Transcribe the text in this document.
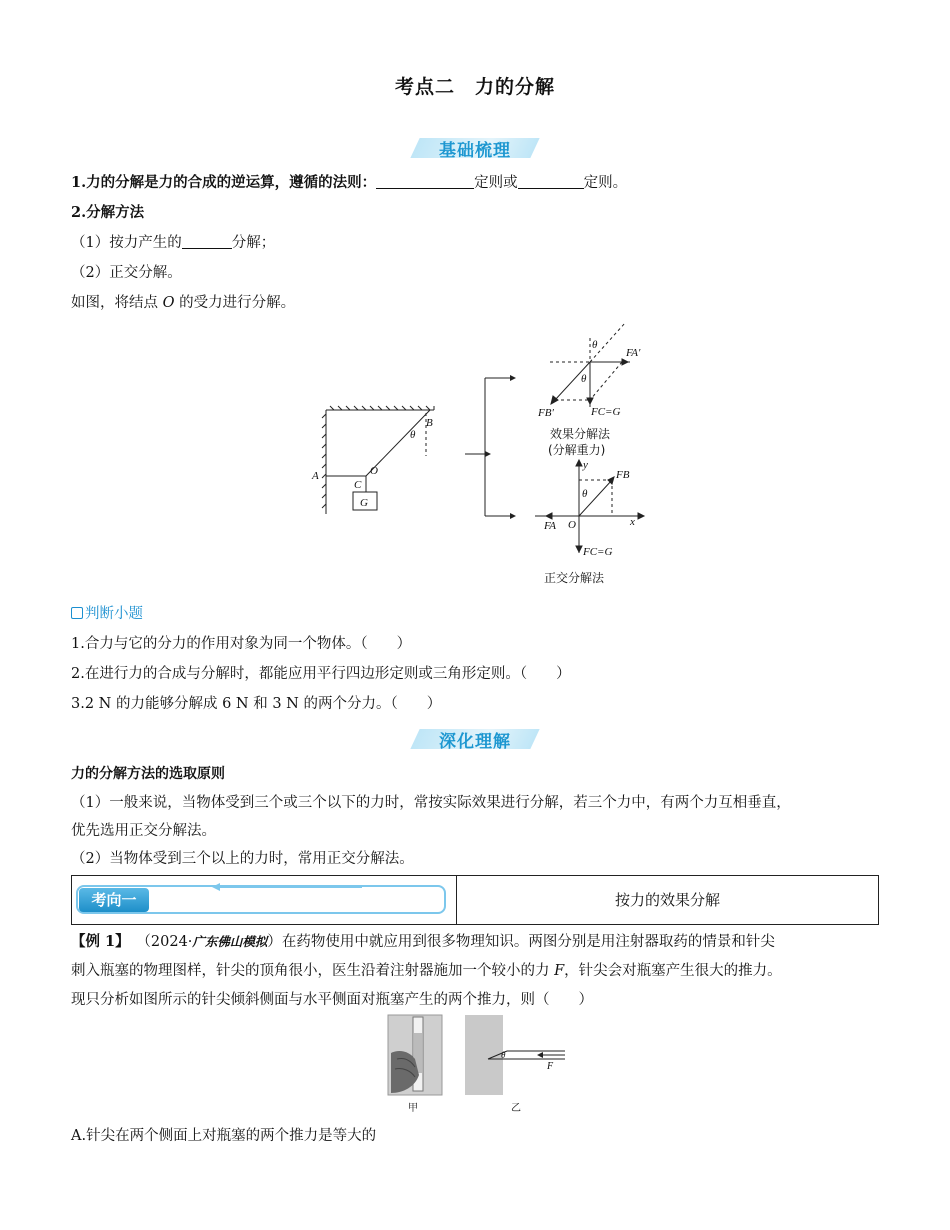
考点二　力的分解
基础梳理
1.力的分解是力的合成的逆运算，遵循的法则：	定则或	定则。
2.分解方法
（1）按力产生的	分解；
（2）正交分解。
如图，将结点 O 的受力进行分解。
A
B
C
O
G
θ
θ
θ
FA′
FB′	FC=G
效果分解法
(分解重力)
y
FB
θ
FA O	x
FC=G
正交分解法
判断小题
1.合力与它的分力的作用对象为同一个物体。（　　）
2.在进行力的合成与分解时，都能应用平行四边形定则或三角形定则。（　　）
3.2 N 的力能够分解成 6 N 和 3 N 的两个分力。（　　）
深化理解
力的分解方法的选取原则
（1）一般来说，当物体受到三个或三个以下的力时，常按实际效果进行分解，若三个力中，有两个力互相垂直，
优先选用正交分解法。
（2）当物体受到三个以上的力时，常用正交分解法。
考向一	按力的效果分解
【例 1】 （2024·广东佛山模拟）在药物使用中就应用到很多物理知识。两图分别是用注射器取药的情景和针尖
刺入瓶塞的物理图样，针尖的顶角很小，医生沿着注射器施加一个较小的力 F，针尖会对瓶塞产生很大的推力。
现只分析如图所示的针尖倾斜侧面与水平侧面对瓶塞产生的两个推力，则（　　）
甲
θ
F
乙
A.针尖在两个侧面上对瓶塞的两个推力是等大的
